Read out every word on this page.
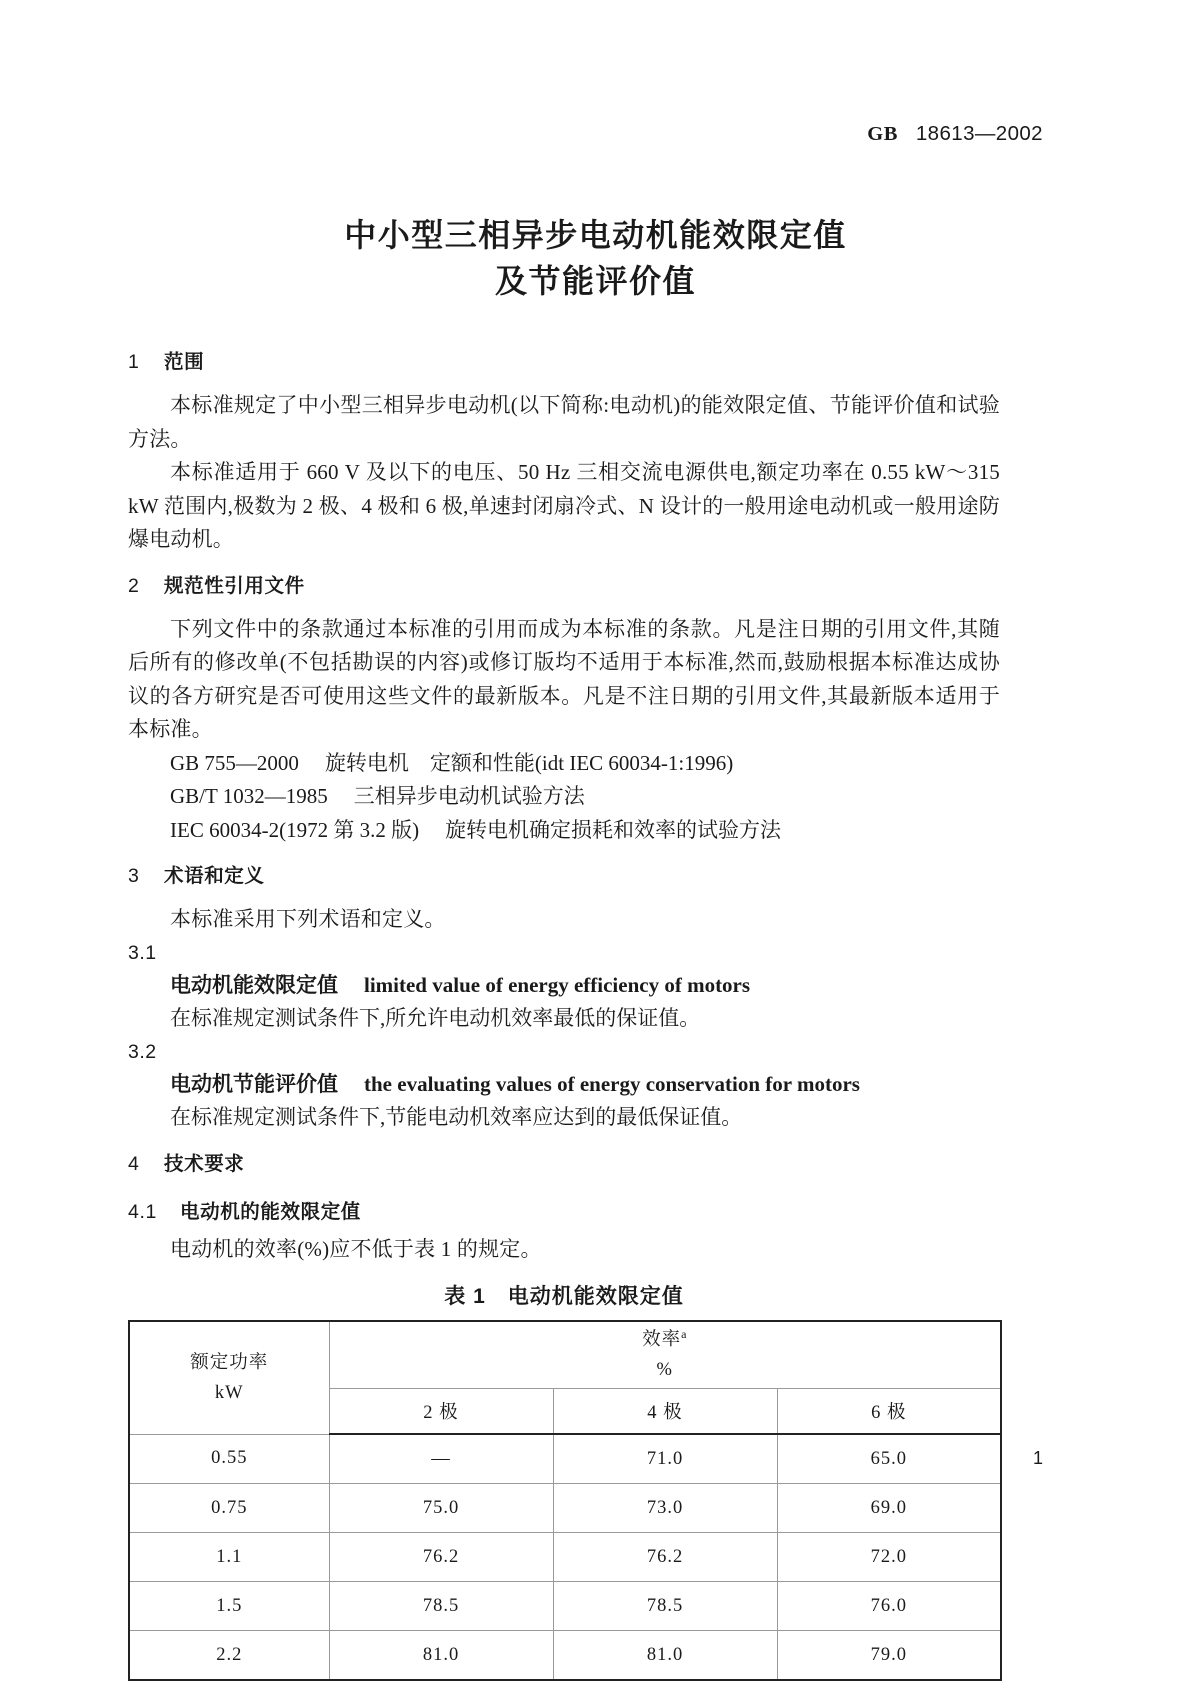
GB 18613—2002
中小型三相异步电动机能效限定值
及节能评价值
1 范围

本标准规定了中小型三相异步电动机(以下简称:电动机)的能效限定值、节能评价值和试验方法。

本标准适用于 660 V 及以下的电压、50 Hz 三相交流电源供电,额定功率在 0.55 kW～315 kW 范围内,极数为 2 极、4 极和 6 极,单速封闭扇冷式、N 设计的一般用途电动机或一般用途防爆电动机。

2 规范性引用文件

下列文件中的条款通过本标准的引用而成为本标准的条款。凡是注日期的引用文件,其随后所有的修改单(不包括勘误的内容)或修订版均不适用于本标准,然而,鼓励根据本标准达成协议的各方研究是否可使用这些文件的最新版本。凡是不注日期的引用文件,其最新版本适用于本标准。

GB 755—2000 旋转电机　定额和性能(idt IEC 60034-1:1996)

GB/T 1032—1985 三相异步电动机试验方法

IEC 60034-2(1972 第 3.2 版) 旋转电机确定损耗和效率的试验方法

3 术语和定义

本标准采用下列术语和定义。

3.1

电动机能效限定值 limited value of energy efficiency of motors

在标准规定测试条件下,所允许电动机效率最低的保证值。

3.2

电动机节能评价值 the evaluating values of energy conservation for motors

在标准规定测试条件下,节能电动机效率应达到的最低保证值。

4 技术要求
4.1 电动机的能效限定值

电动机的效率(%)应不低于表 1 的规定。

表 1　电动机能效限定值
额定功率
kW

效率$^a$
%

	2 极	4 极	6 极
0.55	—	71.0	65.0
0.75	75.0	73.0	69.0
1.1	76.2	76.2	72.0
1.5	78.5	78.5	76.0
2.2	81.0	81.0	79.0
1
